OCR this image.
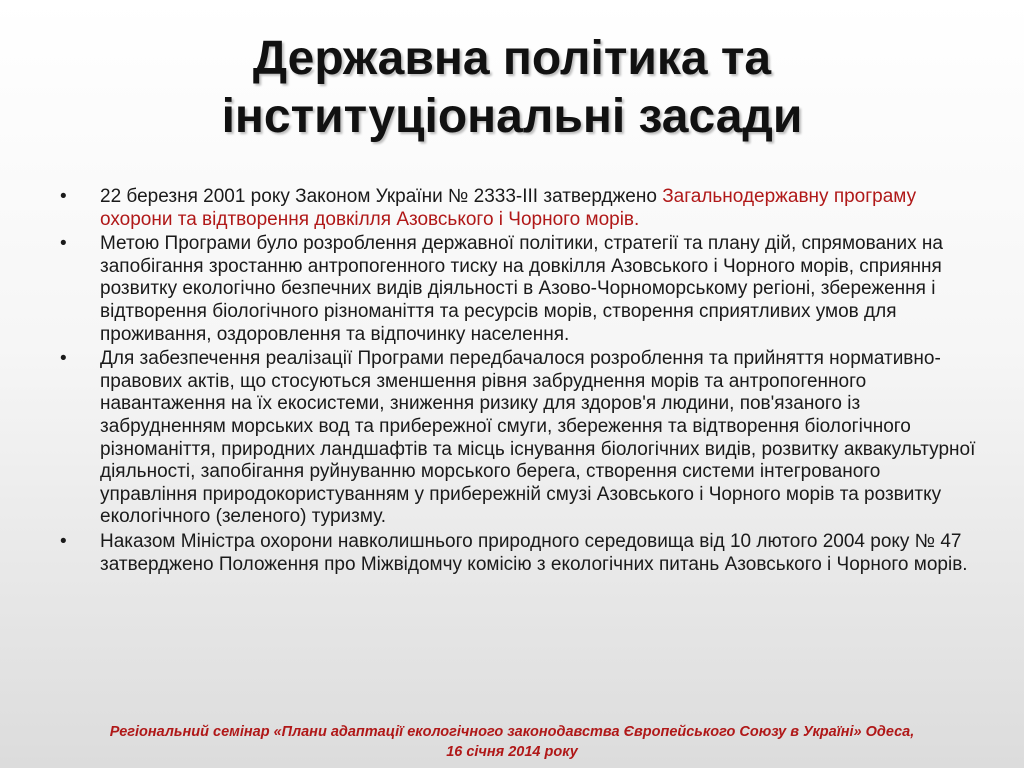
Державна політика та
інституціональні засади
•	22 березня 2001 року Законом України № 2333-III затверджено Загальнодержавну програму охорони та відтворення довкілля Азовського і Чорного морів.
•	Метою Програми було розроблення державної політики, стратегії та плану дій, спрямованих на запобігання зростанню антропогенного тиску на довкілля Азовського і Чорного морів, сприяння розвитку екологічно безпечних видів діяльності в Азово-Чорноморському регіоні, збереження і відтворення біологічного різноманіття та ресурсів морів, створення сприятливих умов для проживання, оздоровлення та відпочинку населення.
•	Для забезпечення реалізації Програми передбачалося розроблення та прийняття нормативно-правових актів, що стосуються зменшення рівня забруднення морів та антропогенного навантаження на їх екосистеми, зниження ризику для здоров'я людини, пов'язаного із забрудненням морських вод та прибережної смуги, збереження та відтворення біологічного різноманіття, природних ландшафтів та місць існування біологічних видів, розвитку аквакультурної діяльності, запобігання руйнуванню морського берега, створення системи інтегрованого управління природокористуванням у прибережній смузі Азовського і Чорного морів та розвитку екологічного (зеленого) туризму.
•	Наказом Міністра охорони навколишнього природного середовища від 10 лютого 2004 року № 47 затверджено Положення про Міжвідомчу комісію з екологічних питань Азовського і Чорного морів.
Регіональний семінар «Плани адаптації екологічного законодавства Європейського Союзу в Україні» Одеса,
16 січня 2014 року
